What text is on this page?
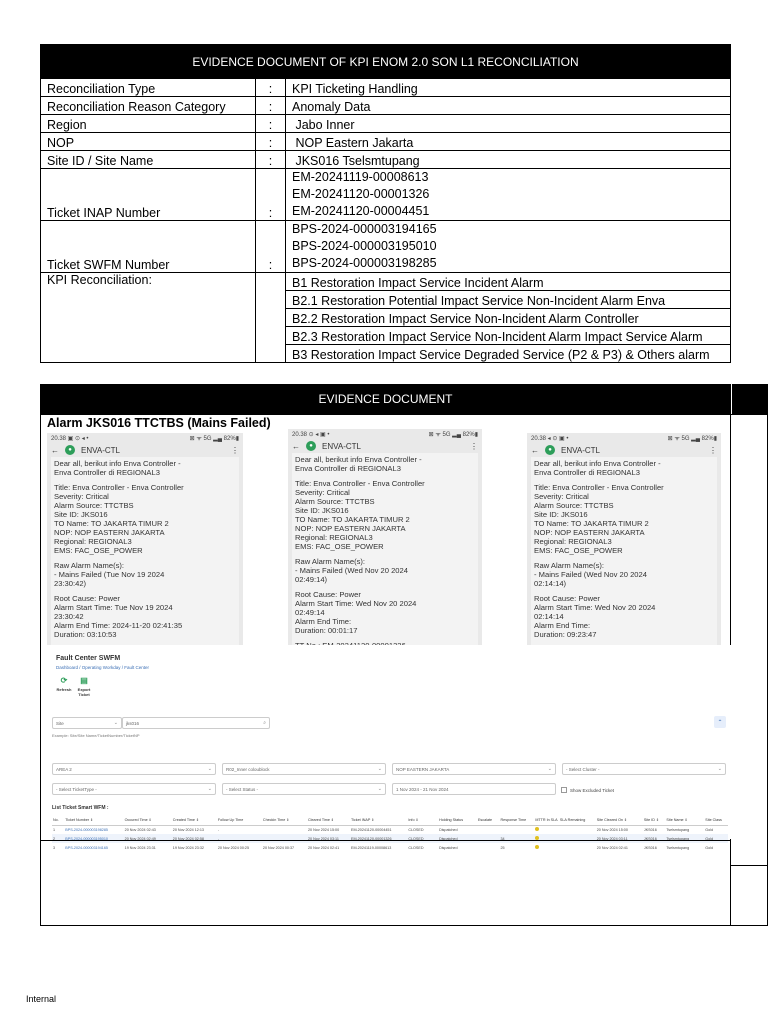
EVIDENCE DOCUMENT OF KPI ENOM 2.0 SON L1 RECONCILIATION		
Reconciliation Type	:	KPI Ticketing Handling
Reconciliation Reason Category	:	Anomaly Data
Region	:	Jabo Inner
NOP	:	NOP Eastern Jakarta
Site ID / Site Name	:	JKS016 Tselsmtupang
Ticket INAP Number	:	EM-20241119-00008613
EM-20241120-00001326
EM-20241120-00004451

Ticket SWFM Number	:	BPS-2024-000003194165
BPS-2024-000003195010
BPS-2024-000003198285

KPI Reconciliation:		B1 Restoration Impact Service Incident Alarm
		B2.1 Restoration Potential Impact Service Non-Incident Alarm Enva
		B2.2 Restoration Impact Service Non-Incident Alarm Controller
		B2.3 Restoration Impact Service Non-Incident Alarm Impact Service Alarm
		B3 Restoration Impact Service Degraded Service (P2 & P3) & Others alarm
EVIDENCE DOCUMENT
Alarm JKS016 TTCTBS (Mains Failed)
20.38 ▣ ⊙ ◂ •	⊠ ᯤ 5G ▂▄ 82%▮
←	●	ENVA-CTL	⋮

Dear all, berikut info Enva Controller -

Enva Controller di REGIONAL3

Title: Enva Controller - Enva Controller

Severity: Critical

Alarm Source: TTCTBS

Site ID: JKS016

TO Name: TO JAKARTA TIMUR 2

NOP: NOP EASTERN JAKARTA

Regional: REGIONAL3

EMS: FAC_OSE_POWER

Raw Alarm Name(s):

- Mains Failed (Tue Nov 19 2024

23:30:42)

Root Cause: Power

Alarm Start Time: Tue Nov 19 2024

23:30:42

Alarm End Time: 2024-11-20 02:41:35

Duration: 03:10:53

20.38 ⊙ ◂ ▣ •	⊠ ᯤ 5G ▂▄ 82%▮
←	●	ENVA-CTL	⋮

Dear all, berikut info Enva Controller -

Enva Controller di REGIONAL3

Title: Enva Controller - Enva Controller

Severity: Critical

Alarm Source: TTCTBS

Site ID: JKS016

TO Name: TO JAKARTA TIMUR 2

NOP: NOP EASTERN JAKARTA

Regional: REGIONAL3

EMS: FAC_OSE_POWER

Raw Alarm Name(s):

- Mains Failed (Wed Nov 20 2024

02:49:14)

Root Cause: Power

Alarm Start Time: Wed Nov 20 2024

02:49:14

Alarm End Time:

Duration: 00:01:17

20.38 ◂ ⊙ ▣ •	⊠ ᯤ 5G ▂▄ 82%▮
←	●	ENVA-CTL	⋮

Dear all, berikut info Enva Controller -

Enva Controller di REGIONAL3

Title: Enva Controller - Enva Controller

Severity: Critical

Alarm Source: TTCTBS

Site ID: JKS016

TO Name: TO JAKARTA TIMUR 2

NOP: NOP EASTERN JAKARTA

Regional: REGIONAL3

EMS: FAC_OSE_POWER

Raw Alarm Name(s):

- Mains Failed (Wed Nov 20 2024

02:14:14)

Root Cause: Power

Alarm Start Time: Wed Nov 20 2024

02:14:14

Alarm End Time:

Duration: 09:23:47

Fault Center SWFM
Dashboard / Operating Workday / Fault Center
⟳
Refresh
▤
Export Ticket
Site	⌄ jks016	⌕
Example: Site/Site Name/TicketNumber/TicketNP
⌃
AREA 2	⌄	R02_Inner coloublock	⌄	NOP EASTERN JAKARTA	⌄	- Select Cluster -	⌄
- Select TicketType -	⌄	- Select Status -	⌄	1 Nov 2024 - 21 Nov 2024	Show Excluded Ticket
List Ticket Smart WFM :
No.	Ticket Number ⇕	Occured Time ⇕	Created Time ⇕	Follow Up Time	Checkin Time ⇕	Cleared Time ⇕	Ticket INAP ⇕	Info ⇕	Holding Status	Escalate	Response Time	MTTR In SLA	SLA Remaining	Site Cleared On ⇕	Site ID ⇕	Site Name ⇕	Site Class
1	BPS-2024-000003198285	20 Nov 2024 02:43	20 Nov 2024 12:13	-		20 Nov 2024 15:00	EM-20241120-00004451	CLOSED	Dispatched					20 Nov 2024 15:00	JKS016	Tselsmtupang	Gold
2	BPS-2024-000003195010	20 Nov 2024 02:49	20 Nov 2024 02:58	-		20 Nov 2024 03:11	EM-20241120-00001326	CLOSED	Dispatched		34			20 Nov 2024 03:11	JKS016	Tselsmtupang	Gold
3	BPS-2024-000003194165	19 Nov 2024 23:31	19 Nov 2024 23:32	20 Nov 2024 00:25	20 Nov 2024 00:37	20 Nov 2024 02:41	EM-20241119-00008613	CLOSED	Dispatched		25			20 Nov 2024 02:41	JKS016	Tselsmtupang	Gold
Internal
